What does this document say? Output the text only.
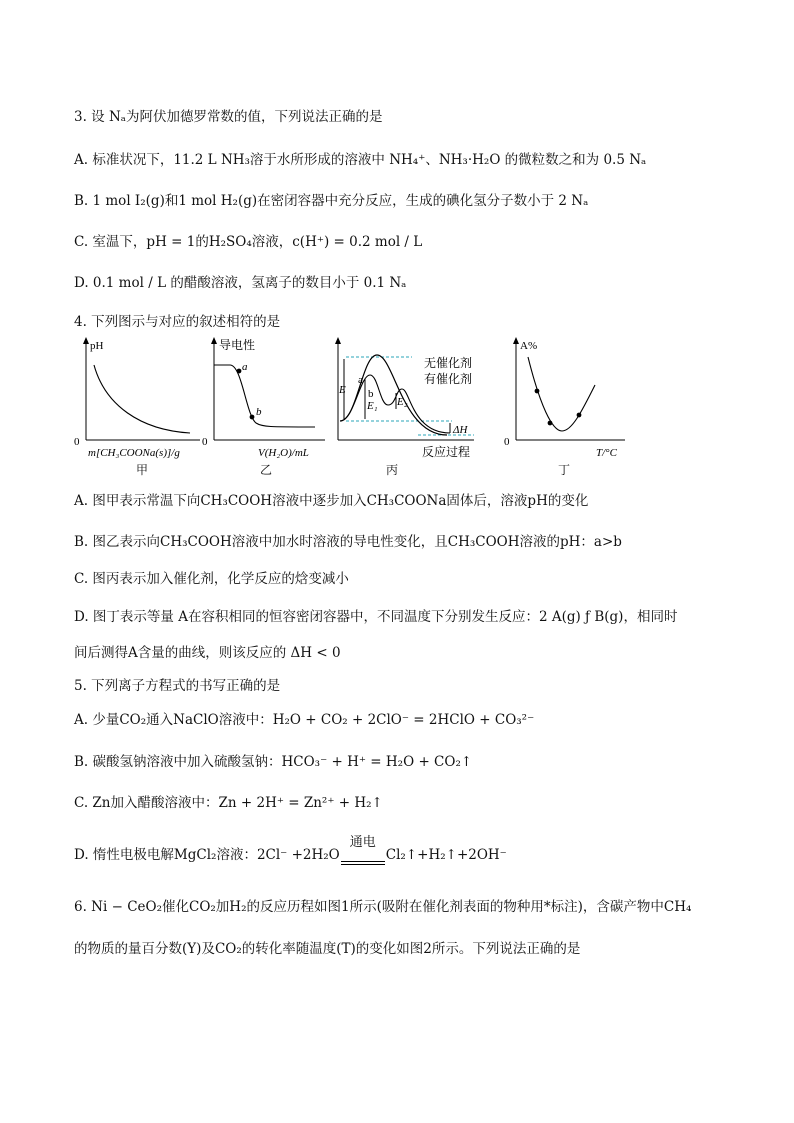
3. 设 Nₐ为阿伏加德罗常数的值，下列说法正确的是
A. 标准状况下，11.2 L NH₃溶于水所形成的溶液中 NH₄⁺、NH₃·H₂O 的微粒数之和为 0.5 Nₐ
B. 1 mol I₂(g)和1 mol H₂(g)在密闭容器中充分反应，生成的碘化氢分子数小于 2 Nₐ
C. 室温下，pH = 1的H₂SO₄溶液，c(H⁺) = 0.2 mol / L
D. 0.1 mol / L 的醋酸溶液，氢离子的数目小于 0.1 Nₐ
4. 下列图示与对应的叙述相符的是
pH
0
m[CH₃COONa(s)]/g
甲
导电性
a
b
0
V(H₂O)/mL
乙
E
a
b
E₁ E₂
ΔH
无催化剂
有催化剂
反应过程
丙
A%
0
T/°C
丁
A. 图甲表示常温下向CH₃COOH溶液中逐步加入CH₃COONa固体后，溶液pH的变化
B. 图乙表示向CH₃COOH溶液中加水时溶液的导电性变化，且CH₃COOH溶液的pH：a>b
C. 图丙表示加入催化剂，化学反应的焓变减小
D. 图丁表示等量 A在容积相同的恒容密闭容器中，不同温度下分别发生反应：2 A(g) ƒ B(g)，相同时
间后测得A含量的曲线，则该反应的 ΔH < 0
5. 下列离子方程式的书写正确的是
A. 少量CO₂通入NaClO溶液中：H₂O + CO₂ + 2ClO⁻ = 2HClO + CO₃²⁻
B. 碳酸氢钠溶液中加入硫酸氢钠：HCO₃⁻ + H⁺ = H₂O + CO₂↑
C. Zn加入醋酸溶液中：Zn + 2H⁺ = Zn²⁺ + H₂↑
D. 惰性电极电解MgCl₂溶液：2Cl⁻ +2H₂O
通电
Cl₂↑+H₂↑+2OH⁻
6. Ni − CeO₂催化CO₂加H₂的反应历程如图1所示(吸附在催化剂表面的物种用*标注)，含碳产物中CH₄
的物质的量百分数(Y)及CO₂的转化率随温度(T)的变化如图2所示。下列说法正确的是
